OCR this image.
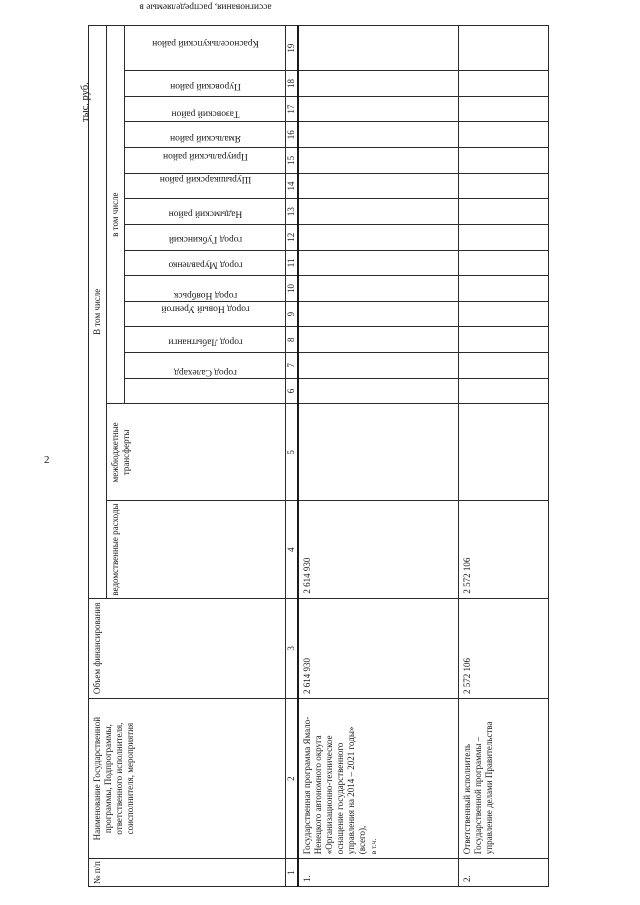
2
тыс. руб.
№ п/п	Наименование Государственной программы, Подпрограммы, ответственного исполнителя, соисполнителя, мероприятия	Объем финансирования	В том числе															
			ведомственные расходы	межбюджетные трансферты	в том числе													
					город Салехард	город Лабытнанги	город Новый Уренгой	город Ноябрьск	город Муравленко	город Губкинский	Надымский район	Шурышкарский район	Приуральский район	Ямальский район	Тазовский район	Пуровский район	Красноселькупский район	ассигнования, распределяемые в
1	2	3	4	5	6	7	8	9	10	11	12	13	14	15	16	17	18	19
1.	Государственная программа Ямало-Ненецкого автономного округа «Организационно-техническое оснащение государственного управления на 2014 – 2021 годы» (всего), в т.ч.	2 614 930	2 614 930															
2.	Ответственный исполнитель Государственной программы – управление делами Правительства	2 572 106	2 572 106															
